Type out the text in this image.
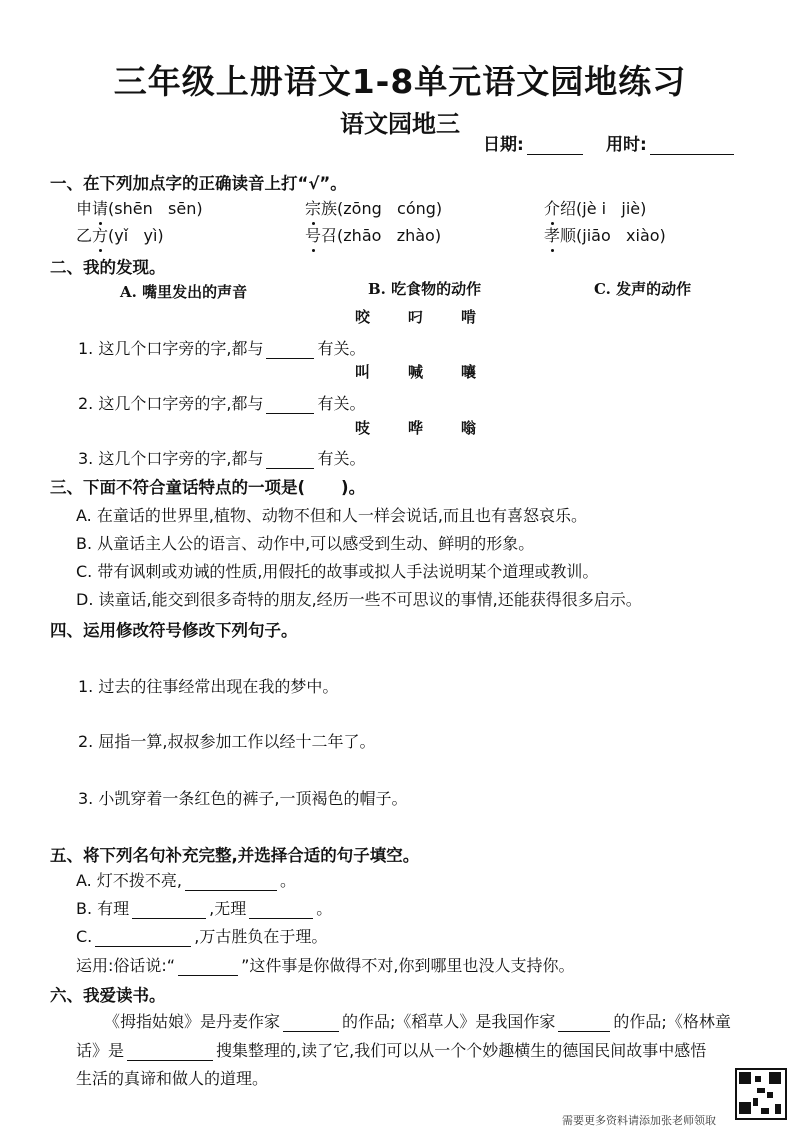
三年级上册语文1-8单元语文园地练习
语文园地三
日期:	用时:
一、在下列加点字的正确读音上打“√”。
申请(shēn sēn)	宗族(zōng cóng)	介绍(jè i jiè)
乙方(yǐ yì)	号召(zhāo zhào)	孝顺(jiāo xiào)
二、我的发现。
A. 嘴里发出的声音	B. 吃食物的动作	C. 发声的动作
咬	叼	啃
1. 这几个口字旁的字,都与	有关。
叫	喊	嚷
2. 这几个口字旁的字,都与	有关。
吱	哗	嗡
3. 这几个口字旁的字,都与	有关。
三、下面不符合童话特点的一项是( )。
A. 在童话的世界里,植物、动物不但和人一样会说话,而且也有喜怒哀乐。
B. 从童话主人公的语言、动作中,可以感受到生动、鲜明的形象。
C. 带有讽刺或劝诫的性质,用假托的故事或拟人手法说明某个道理或教训。
D. 读童话,能交到很多奇特的朋友,经历一些不可思议的事情,还能获得很多启示。
四、运用修改符号修改下列句子。
1. 过去的往事经常出现在我的梦中。
2. 屈指一算,叔叔参加工作以经十二年了。
3. 小凯穿着一条红色的裤子,一顶褐色的帽子。
五、将下列名句补充完整,并选择合适的句子填空。
A. 灯不拨不亮,	。
B. 有理	,无理	。
C.	,万古胜负在于理。
运用:俗话说:“	”这件事是你做得不对,你到哪里也没人支持你。
六、我爱读书。
《拇指姑娘》是丹麦作家	的作品;《稻草人》是我国作家	的作品;《格林童
话》是	搜集整理的,读了它,我们可以从一个个妙趣横生的德国民间故事中感悟
生活的真谛和做人的道理。
需要更多资料请添加张老师领取
